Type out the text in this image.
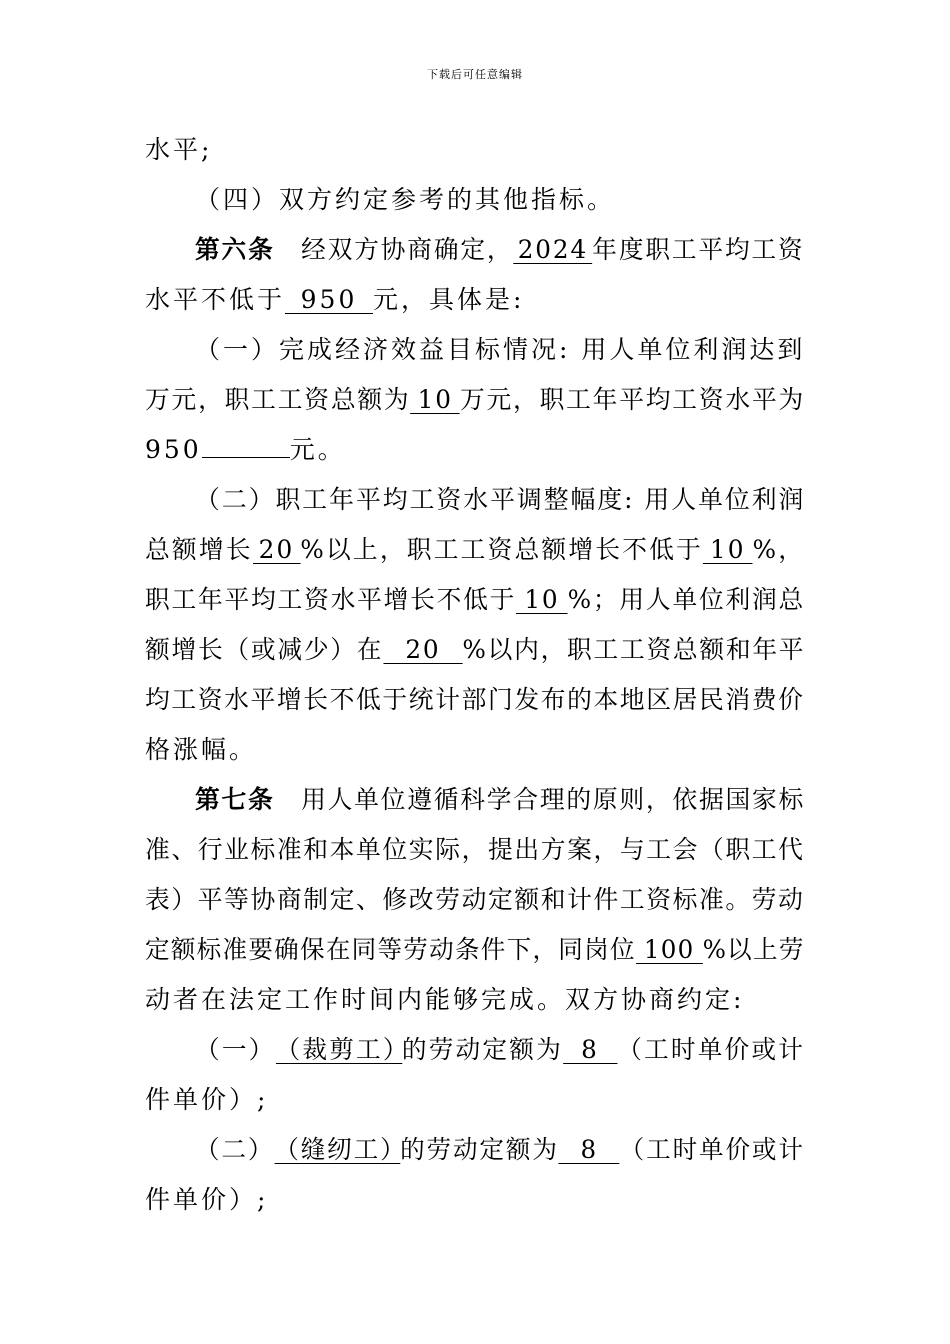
下载后可任意编辑
水平;
（四）双方约定参考的其他指标。
第六条　经双方协商确定， 2024 年度职工平均工资
水平不低于 950 元，具体是:
（一）完成经济效益目标情况: 用人单位利润达到
万元，职工工资总额为 10 万元，职工年平均工资水平为
950	元。
（二）职工年平均工资水平调整幅度: 用人单位利润
总额增长 20 %以上，职工工资总额增长不低于 10 %，
职工年平均工资水平增长不低于 10 %；用人单位利润总
额增长（或减少）在 20 %以内，职工工资总额和年平
均工资水平增长不低于统计部门发布的本地区居民消费价
格涨幅。
第七条　用人单位遵循科学合理的原则，依据国家标
准、行业标准和本单位实际，提出方案，与工会（职工代
表）平等协商制定、修改劳动定额和计件工资标准。劳动
定额标准要确保在同等劳动条件下，同岗位 100 %以上劳
动者在法定工作时间内能够完成。双方协商约定:
（一）（裁剪工）的劳动定额为 8 （工时单价或计
件单价）;
（二）（缝纫工）的劳动定额为 8 （工时单价或计
件单价）;
